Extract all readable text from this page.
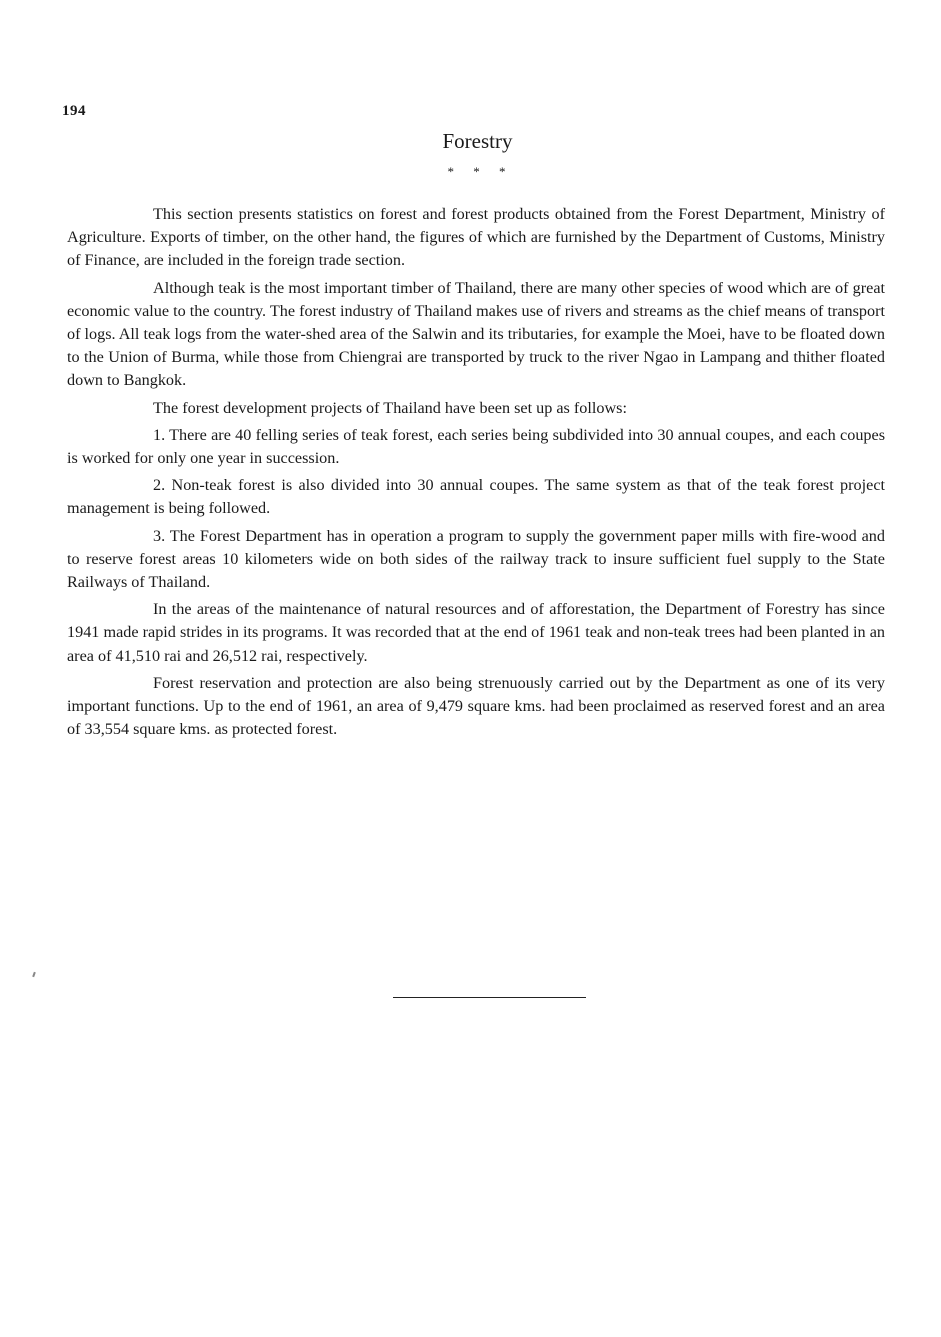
194
Forestry
* * *

This section presents statistics on forest and forest products obtained from the Forest Department, Ministry of Agriculture. Exports of timber, on the other hand, the figures of which are furnished by the Department of Customs, Ministry of Finance, are included in the foreign trade section.

Although teak is the most important timber of Thailand, there are many other species of wood which are of great economic value to the country. The forest industry of Thailand makes use of rivers and streams as the chief means of transport of logs. All teak logs from the water-shed area of the Salwin and its tributaries, for example the Moei, have to be floated down to the Union of Burma, while those from Chiengrai are transported by truck to the river Ngao in Lampang and thither floated down to Bangkok.

The forest development projects of Thailand have been set up as follows:

1. There are 40 felling series of teak forest, each series being subdivided into 30 annual coupes, and each coupes is worked for only one year in succession.

2. Non-teak forest is also divided into 30 annual coupes. The same system as that of the teak forest project management is being followed.

3. The Forest Department has in operation a program to supply the government paper mills with fire-wood and to reserve forest areas 10 kilometers wide on both sides of the railway track to insure sufficient fuel supply to the State Railways of Thailand.

In the areas of the maintenance of natural resources and of afforestation, the Department of Forestry has since 1941 made rapid strides in its programs. It was recorded that at the end of 1961 teak and non-teak trees had been planted in an area of 41,510 rai and 26,512 rai, respectively.

Forest reservation and protection are also being strenuously carried out by the Department as one of its very important functions. Up to the end of 1961, an area of 9,479 square kms. had been proclaimed as reserved forest and an area of 33,554 square kms. as protected forest.
